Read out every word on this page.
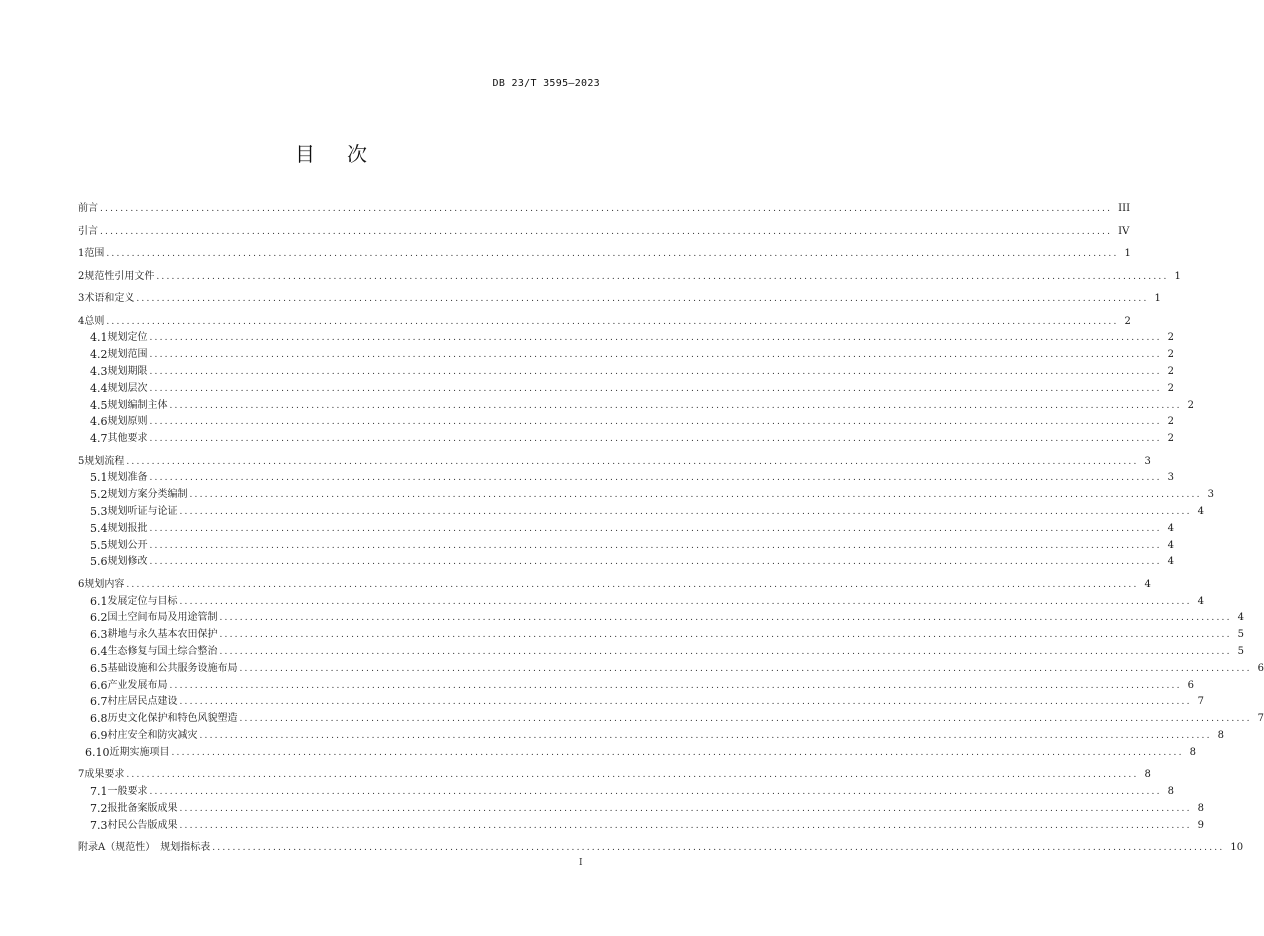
DB 23/T 3595—2023
目次
前言 ........................................................................................................................................................................................................ III
引言 ........................................................................................................................................................................................................ IV
1 范围 ........................................................................................................................................................................................................ 1
2 规范性引用文件 ........................................................................................................................................................................................................ 1
3 术语和定义 ........................................................................................................................................................................................................ 1
4 总则 ........................................................................................................................................................................................................ 2
4.1 规划定位 ........................................................................................................................................................................................................ 2
4.2 规划范围 ........................................................................................................................................................................................................ 2
4.3 规划期限 ........................................................................................................................................................................................................ 2
4.4 规划层次 ........................................................................................................................................................................................................ 2
4.5 规划编制主体 ........................................................................................................................................................................................................ 2
4.6 规划原则 ........................................................................................................................................................................................................ 2
4.7 其他要求 ........................................................................................................................................................................................................ 2
5 规划流程 ........................................................................................................................................................................................................ 3
5.1 规划准备 ........................................................................................................................................................................................................ 3
5.2 规划方案分类编制 ........................................................................................................................................................................................................ 3
5.3 规划听证与论证 ........................................................................................................................................................................................................ 4
5.4 规划报批 ........................................................................................................................................................................................................ 4
5.5 规划公开 ........................................................................................................................................................................................................ 4
5.6 规划修改 ........................................................................................................................................................................................................ 4
6 规划内容 ........................................................................................................................................................................................................ 4
6.1 发展定位与目标 ........................................................................................................................................................................................................ 4
6.2 国土空间布局及用途管制 ........................................................................................................................................................................................................ 4
6.3 耕地与永久基本农田保护 ........................................................................................................................................................................................................ 5
6.4 生态修复与国土综合整治 ........................................................................................................................................................................................................ 5
6.5 基础设施和公共服务设施布局 ........................................................................................................................................................................................................ 6
6.6 产业发展布局 ........................................................................................................................................................................................................ 6
6.7 村庄居民点建设 ........................................................................................................................................................................................................ 7
6.8 历史文化保护和特色风貌塑造 ........................................................................................................................................................................................................ 7
6.9 村庄安全和防灾减灾 ........................................................................................................................................................................................................ 8
6.10 近期实施项目 ........................................................................................................................................................................................................ 8
7 成果要求 ........................................................................................................................................................................................................ 8
7.1 一般要求 ........................................................................................................................................................................................................ 8
7.2 报批备案版成果 ........................................................................................................................................................................................................ 8
7.3 村民公告版成果 ........................................................................................................................................................................................................ 9
附录A（规范性）　规划指标表 ........................................................................................................................................................................................................ 10
I
